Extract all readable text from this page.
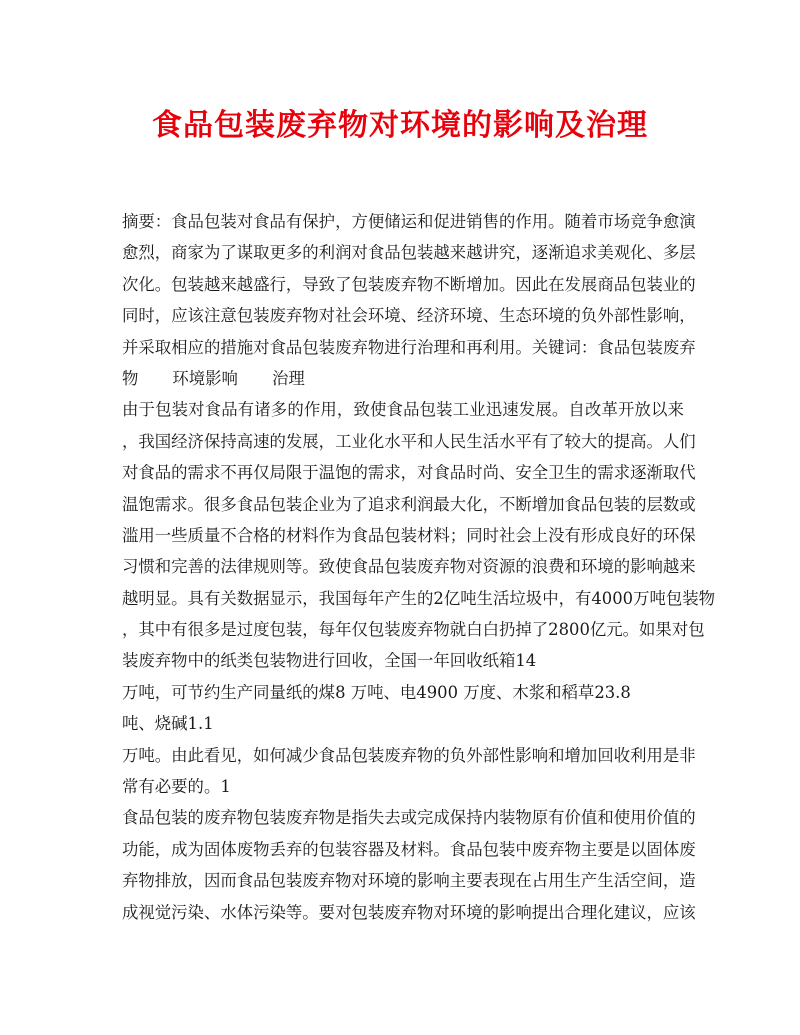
食品包装废弃物对环境的影响及治理
摘要：食品包装对食品有保护，方便储运和促进销售的作用。随着市场竞争愈演
愈烈，商家为了谋取更多的利润对食品包装越来越讲究，逐渐追求美观化、多层
次化。包装越来越盛行，导致了包装废弃物不断增加。因此在发展商品包装业的
同时，应该注意包装废弃物对社会环境、经济环境、生态环境的负外部性影响，
并采取相应的措施对食品包装废弃物进行治理和再利用。关键词：食品包装废弃
物 环境影响 治理
由于包装对食品有诸多的作用，致使食品包装工业迅速发展。自改革开放以来
，我国经济保持高速的发展，工业化水平和人民生活水平有了较大的提高。人们
对食品的需求不再仅局限于温饱的需求，对食品时尚、安全卫生的需求逐渐取代
温饱需求。很多食品包装企业为了追求利润最大化，不断增加食品包装的层数或
滥用一些质量不合格的材料作为食品包装材料；同时社会上没有形成良好的环保
习惯和完善的法律规则等。致使食品包装废弃物对资源的浪费和环境的影响越来
越明显。具有关数据显示，我国每年产生的2亿吨生活垃圾中，有4000万吨包装物
，其中有很多是过度包装，每年仅包装废弃物就白白扔掉了2800亿元。如果对包
装废弃物中的纸类包装物进行回收，全国一年回收纸箱14
万吨，可节约生产同量纸的煤8 万吨、电4900 万度、木浆和稻草23.8
吨、烧碱1.1
万吨。由此看见，如何减少食品包装废弃物的负外部性影响和增加回收利用是非
常有必要的。1
食品包装的废弃物包装废弃物是指失去或完成保持内装物原有价值和使用价值的
功能，成为固体废物丢弃的包装容器及材料。食品包装中废弃物主要是以固体废
弃物排放，因而食品包装废弃物对环境的影响主要表现在占用生产生活空间，造
成视觉污染、水体污染等。要对包装废弃物对环境的影响提出合理化建议，应该
